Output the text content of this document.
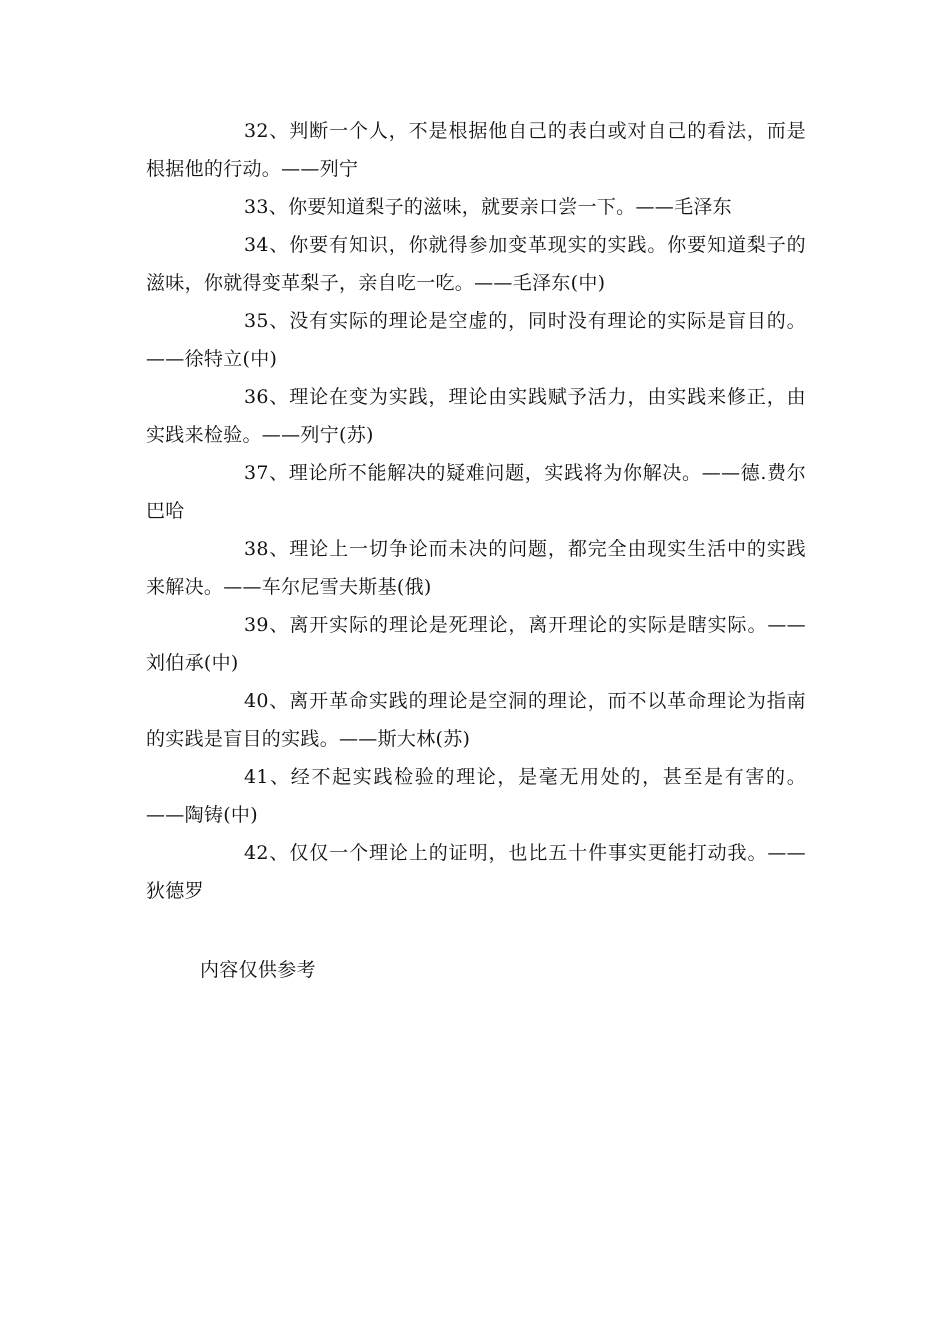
32、判断一个人，不是根据他自己的表白或对自己的看法，而是根据他的行动。——列宁

33、你要知道梨子的滋味，就要亲口尝一下。——毛泽东

34、你要有知识，你就得参加变革现实的实践。你要知道梨子的滋味，你就得变革梨子，亲自吃一吃。——毛泽东(中)

35、没有实际的理论是空虚的，同时没有理论的实际是盲目的。——徐特立(中)

36、理论在变为实践，理论由实践赋予活力，由实践来修正，由实践来检验。——列宁(苏)

37、理论所不能解决的疑难问题，实践将为你解决。——德.费尔巴哈

38、理论上一切争论而未决的问题，都完全由现实生活中的实践来解决。——车尔尼雪夫斯基(俄)

39、离开实际的理论是死理论，离开理论的实际是瞎实际。——刘伯承(中)

40、离开革命实践的理论是空洞的理论，而不以革命理论为指南的实践是盲目的实践。——斯大林(苏)

41、经不起实践检验的理论，是毫无用处的，甚至是有害的。——陶铸(中)

42、仅仅一个理论上的证明，也比五十件事实更能打动我。——狄德罗

内容仅供参考
